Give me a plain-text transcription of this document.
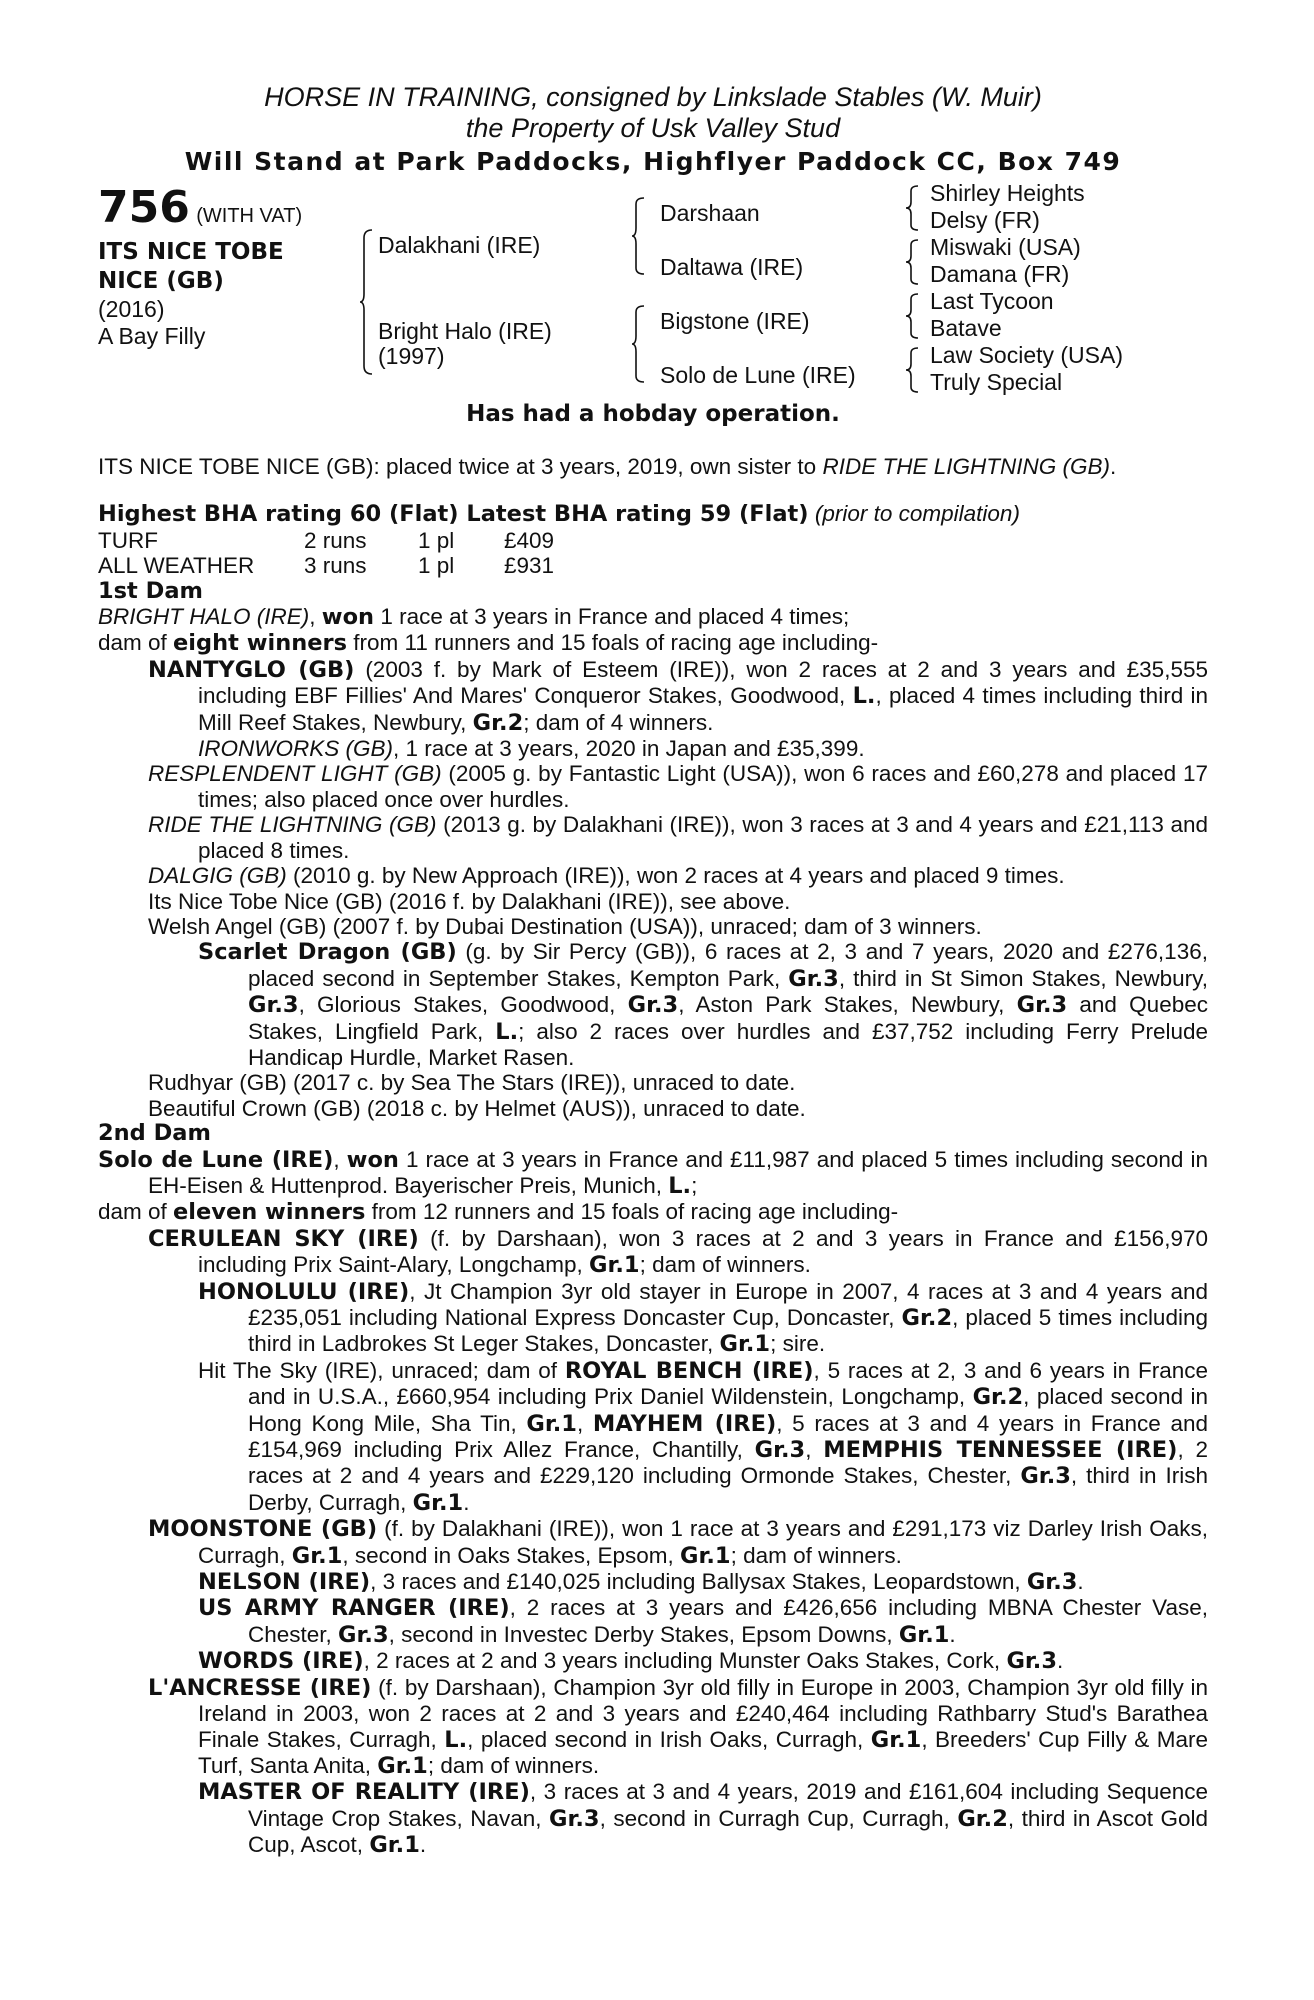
HORSE IN TRAINING, consigned by Linkslade Stables (W. Muir)
the Property of Usk Valley Stud
Will Stand at Park Paddocks, Highflyer Paddock CC, Box 749
756 (WITH VAT)
ITS NICE TOBE
NICE (GB)
(2016)
A Bay Filly
Dalakhani (IRE)
Bright Halo (IRE)
(1997)
Darshaan
Daltawa (IRE)
Bigstone (IRE)
Solo de Lune (IRE)
Shirley Heights
Delsy (FR)
Miswaki (USA)
Damana (FR)
Last Tycoon
Batave
Law Society (USA)
Truly Special
Has had a hobday operation.

ITS NICE TOBE NICE (GB): placed twice at 3 years, 2019, own sister to RIDE THE LIGHTNING (GB).

Highest BHA rating 60 (Flat) Latest BHA rating 59 (Flat) (prior to compilation)

TURF	2 runs	1 pl	£409
ALL WEATHER	3 runs	1 pl	£931

1st Dam

BRIGHT HALO (IRE), won 1 race at 3 years in France and placed 4 times;

dam of eight winners from 11 runners and 15 foals of racing age including-

NANTYGLO (GB) (2003 f. by Mark of Esteem (IRE)), won 2 races at 2 and 3 years and £35,555 including EBF Fillies' And Mares' Conqueror Stakes, Goodwood, L., placed 4 times including third in Mill Reef Stakes, Newbury, Gr.2; dam of 4 winners.

IRONWORKS (GB), 1 race at 3 years, 2020 in Japan and £35,399.

RESPLENDENT LIGHT (GB) (2005 g. by Fantastic Light (USA)), won 6 races and £60,278 and placed 17 times; also placed once over hurdles.

RIDE THE LIGHTNING (GB) (2013 g. by Dalakhani (IRE)), won 3 races at 3 and 4 years and £21,113 and placed 8 times.

DALGIG (GB) (2010 g. by New Approach (IRE)), won 2 races at 4 years and placed 9 times.

Its Nice Tobe Nice (GB) (2016 f. by Dalakhani (IRE)), see above.

Welsh Angel (GB) (2007 f. by Dubai Destination (USA)), unraced; dam of 3 winners.

Scarlet Dragon (GB) (g. by Sir Percy (GB)), 6 races at 2, 3 and 7 years, 2020 and £276,136, placed second in September Stakes, Kempton Park, Gr.3, third in St Simon Stakes, Newbury, Gr.3, Glorious Stakes, Goodwood, Gr.3, Aston Park Stakes, Newbury, Gr.3 and Quebec Stakes, Lingfield Park, L.; also 2 races over hurdles and £37,752 including Ferry Prelude Handicap Hurdle, Market Rasen.

Rudhyar (GB) (2017 c. by Sea The Stars (IRE)), unraced to date.

Beautiful Crown (GB) (2018 c. by Helmet (AUS)), unraced to date.

2nd Dam

Solo de Lune (IRE), won 1 race at 3 years in France and £11,987 and placed 5 times including second in EH-Eisen & Huttenprod. Bayerischer Preis, Munich, L.;

dam of eleven winners from 12 runners and 15 foals of racing age including-

CERULEAN SKY (IRE) (f. by Darshaan), won 3 races at 2 and 3 years in France and £156,970 including Prix Saint-Alary, Longchamp, Gr.1; dam of winners.

HONOLULU (IRE), Jt Champion 3yr old stayer in Europe in 2007, 4 races at 3 and 4 years and £235,051 including National Express Doncaster Cup, Doncaster, Gr.2, placed 5 times including third in Ladbrokes St Leger Stakes, Doncaster, Gr.1; sire.

Hit The Sky (IRE), unraced; dam of ROYAL BENCH (IRE), 5 races at 2, 3 and 6 years in France and in U.S.A., £660,954 including Prix Daniel Wildenstein, Longchamp, Gr.2, placed second in Hong Kong Mile, Sha Tin, Gr.1, MAYHEM (IRE), 5 races at 3 and 4 years in France and £154,969 including Prix Allez France, Chantilly, Gr.3, MEMPHIS TENNESSEE (IRE), 2 races at 2 and 4 years and £229,120 including Ormonde Stakes, Chester, Gr.3, third in Irish Derby, Curragh, Gr.1.

MOONSTONE (GB) (f. by Dalakhani (IRE)), won 1 race at 3 years and £291,173 viz Darley Irish Oaks, Curragh, Gr.1, second in Oaks Stakes, Epsom, Gr.1; dam of winners.

NELSON (IRE), 3 races and £140,025 including Ballysax Stakes, Leopardstown, Gr.3.

US ARMY RANGER (IRE), 2 races at 3 years and £426,656 including MBNA Chester Vase, Chester, Gr.3, second in Investec Derby Stakes, Epsom Downs, Gr.1.

WORDS (IRE), 2 races at 2 and 3 years including Munster Oaks Stakes, Cork, Gr.3.

L'ANCRESSE (IRE) (f. by Darshaan), Champion 3yr old filly in Europe in 2003, Champion 3yr old filly in Ireland in 2003, won 2 races at 2 and 3 years and £240,464 including Rathbarry Stud's Barathea Finale Stakes, Curragh, L., placed second in Irish Oaks, Curragh, Gr.1, Breeders' Cup Filly & Mare Turf, Santa Anita, Gr.1; dam of winners.

MASTER OF REALITY (IRE), 3 races at 3 and 4 years, 2019 and £161,604 including Sequence Vintage Crop Stakes, Navan, Gr.3, second in Curragh Cup, Curragh, Gr.2, third in Ascot Gold Cup, Ascot, Gr.1.
